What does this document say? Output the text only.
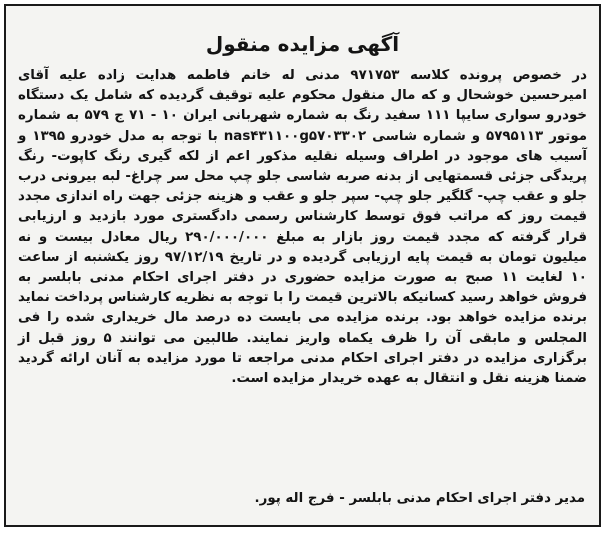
آگهی مزایده منقول

در خصوص پرونده کلاسه ۹۷۱۷۵۳ مدنی له خانم فاطمه هدایت زاده علیه آقای امیرحسین خوشحال و که مال منقول محکوم علیه توقیف گردیده که شامل یک دستگاه خودرو سواری سایپا ۱۱۱ سفید رنگ به شماره شهربانی ایران ۱۰ - ۷۱ ج ۵۷۹ به شماره موتور ۵۷۹۵۱۱۳ و شماره شاسی nas۴۳۱۱۰۰g۵۷۰۳۳۰۲ با توجه به مدل خودرو ۱۳۹۵ و آسیب های موجود در اطراف وسیله نقلیه مذکور اعم از لکه گیری رنگ کاپوت- رنگ پریدگی جزئی قسمتهایی از بدنه صربه شاسی جلو چپ محل سر چراغ- لبه بیرونی درب جلو و عقب چپ- گلگیر جلو چپ- سپر جلو و عقب و هزینه جزئی جهت راه اندازی مجدد قیمت روز که مراتب فوق توسط کارشناس رسمی دادگستری مورد بازدید و ارزیابی قرار گرفته که مجدد قیمت روز بازار به مبلغ ۲۹۰/۰۰۰/۰۰۰ ریال معادل بیست و نه میلیون تومان به قیمت پایه ارزیابی گردیده و در تاریخ ۹۷/۱۲/۱۹ روز یکشنبه از ساعت ۱۰ لغایت ۱۱ صبح به صورت مزایده حضوری در دفتر اجرای احکام مدنی بابلسر به فروش خواهد رسید کسانیکه بالاترین قیمت را با توجه به نظریه کارشناس پرداخت نماید برنده مزایده خواهد بود. برنده مزایده می بایست ده درصد مال خریداری شده را فی المجلس و مابقی آن را ظرف یکماه واریز نمایند. طالبین می توانند ۵ روز قبل از برگزاری مزایده در دفتر اجرای احکام مدنی مراجعه تا مورد مزایده به آنان ارائه گردید ضمنا هزینه نقل و انتقال به عهده خریدار مزایده است.

مدیر دفتر اجرای احکام مدنی بابلسر - فرج اله پور.
